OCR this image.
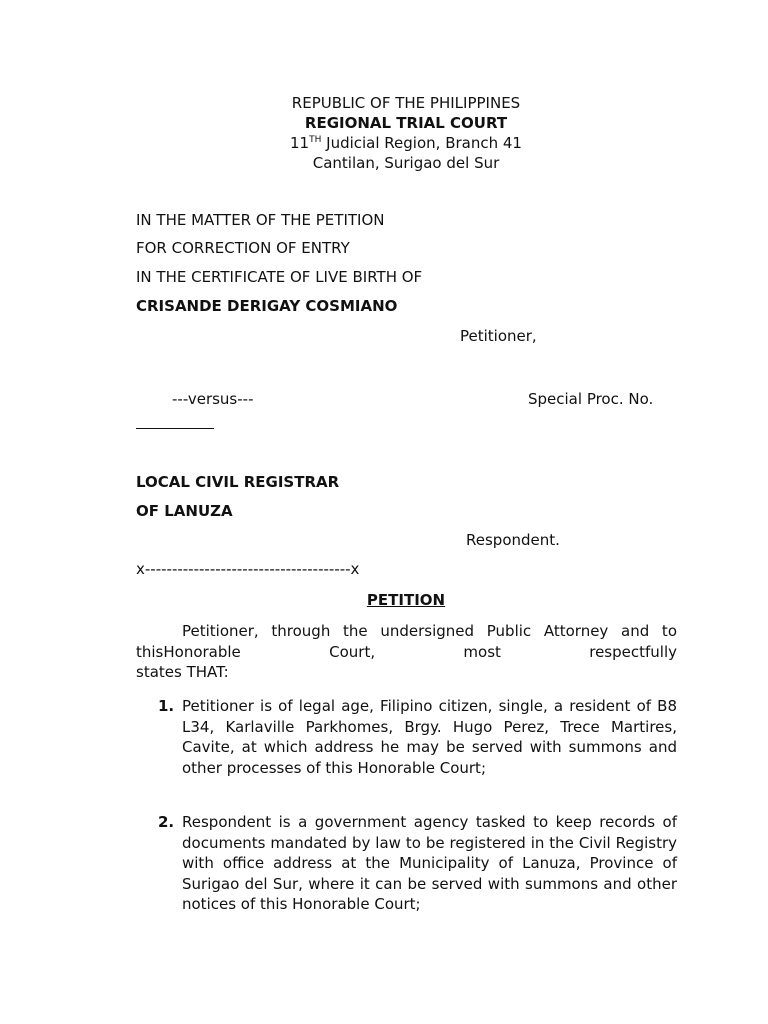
REPUBLIC OF THE PHILIPPINES
REGIONAL TRIAL COURT
11TH Judicial Region, Branch 41
Cantilan, Surigao del Sur
IN THE MATTER OF THE PETITION
FOR CORRECTION OF ENTRY
IN THE CERTIFICATE OF LIVE BIRTH OF
CRISANDE DERIGAY COSMIANO
Petitioner,
---versus---	Special Proc. No.
LOCAL CIVIL REGISTRAR
OF LANUZA
Respondent.
x--------------------------------------x
PETITION
Petitioner, through the undersigned Public Attorney and to thisHonorable Court, most respectfully
states THAT:
1. Petitioner is of legal age, Filipino citizen, single, a resident of B8 L34, Karlaville Parkhomes, Brgy. Hugo Perez, Trece Martires, Cavite, at which address he may be served with summons and other processes of this Honorable Court;
2. Respondent is a government agency tasked to keep records of documents mandated by law to be registered in the Civil Registry with office address at the Municipality of Lanuza, Province of Surigao del Sur, where it can be served with summons and other notices of this Honorable Court;
